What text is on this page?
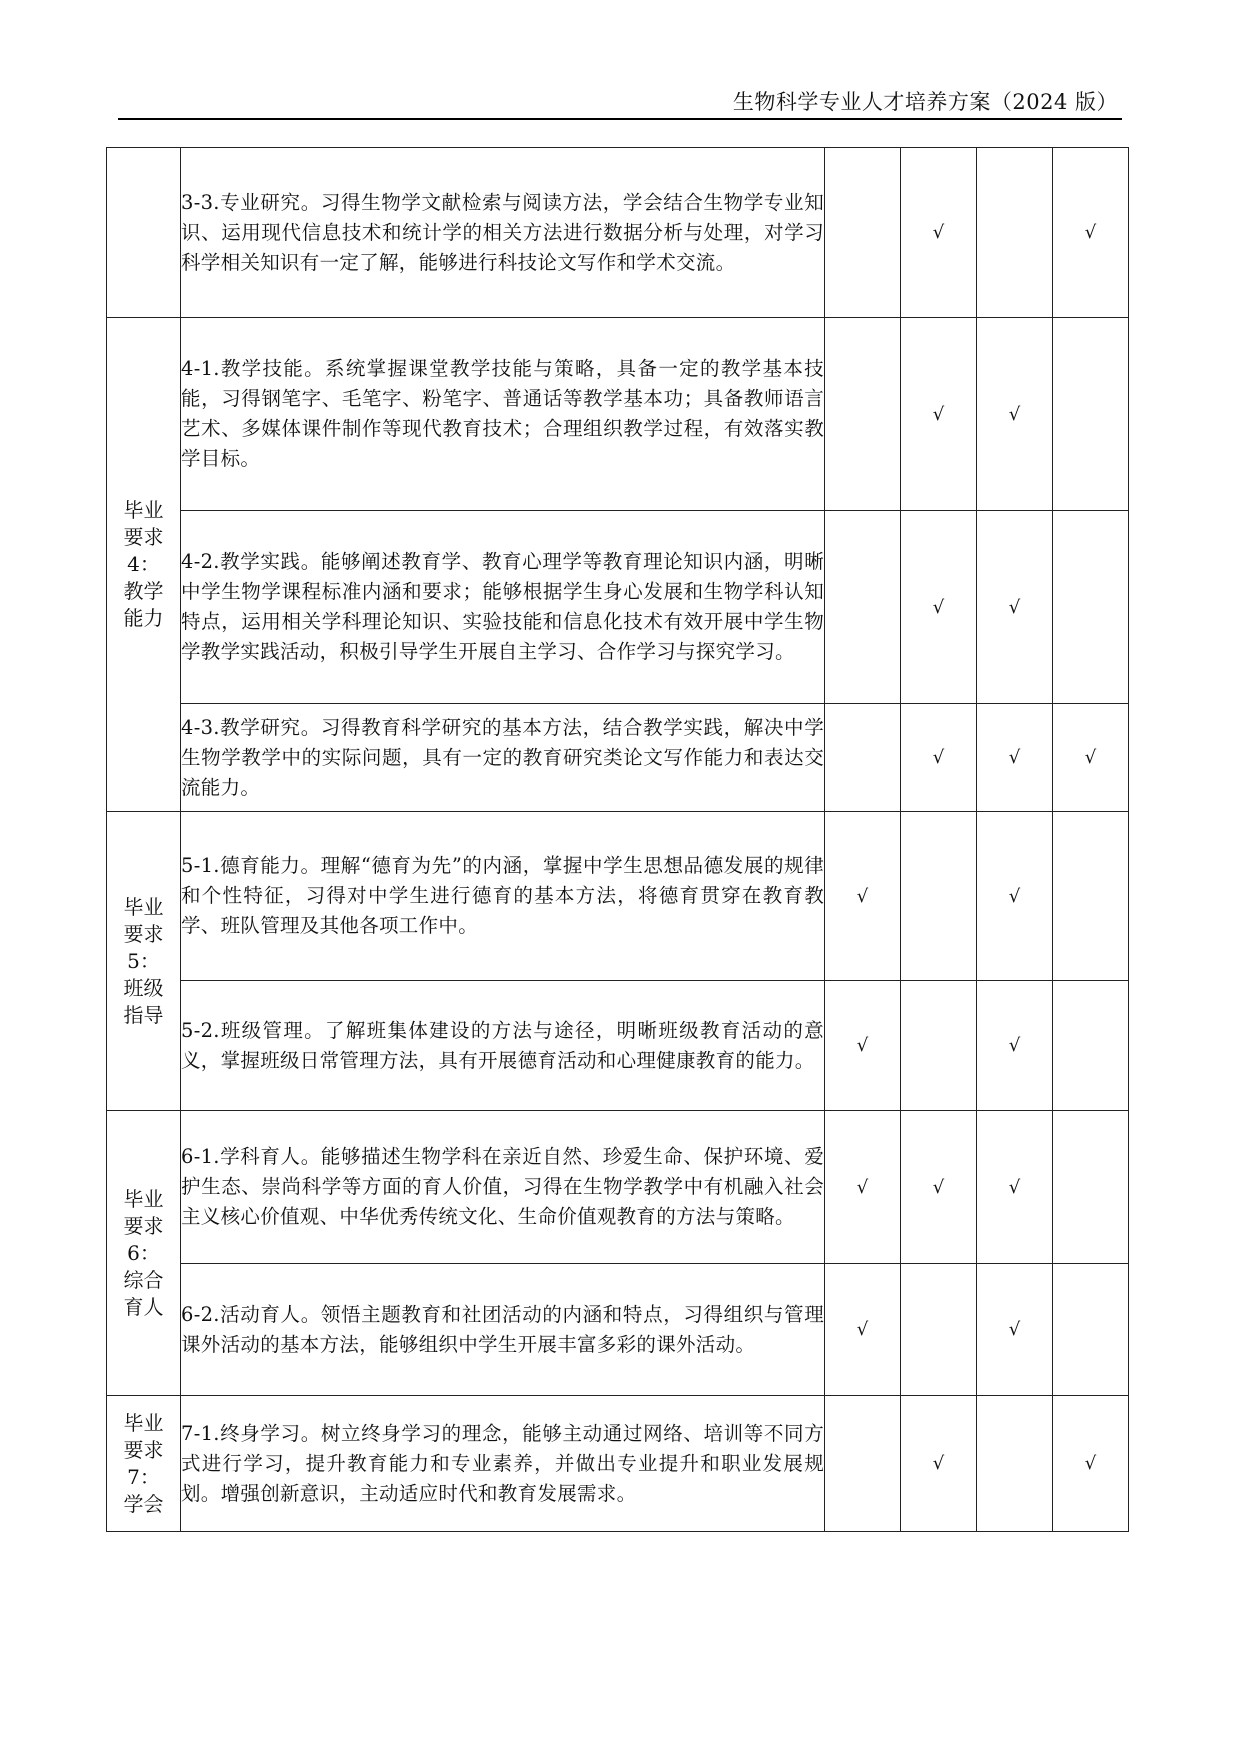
生物科学专业人才培养方案（2024 版）
	3-3.专业研究。习得生物学文献检索与阅读方法，学会结合生物学专业知识、运用现代信息技术和统计学的相关方法进行数据分析与处理，对学习科学相关知识有一定了解，能够进行科技论文写作和学术交流。		√		√

毕业
要求
4：
教学
能力	4-1.教学技能。系统掌握课堂教学技能与策略，具备一定的教学基本技能，习得钢笔字、毛笔字、粉笔字、普通话等教学基本功；具备教师语言艺术、多媒体课件制作等现代教育技术；合理组织教学过程，有效落实教学目标。		√	√	
	4-2.教学实践。能够阐述教育学、教育心理学等教育理论知识内涵，明晰中学生物学课程标准内涵和要求；能够根据学生身心发展和生物学科认知特点，运用相关学科理论知识、实验技能和信息化技术有效开展中学生物学教学实践活动，积极引导学生开展自主学习、合作学习与探究学习。		√	√	
	4-3.教学研究。习得教育科学研究的基本方法，结合教学实践，解决中学生物学教学中的实际问题，具有一定的教育研究类论文写作能力和表达交流能力。		√	√	√

毕业
要求
5：
班级
指导	5-1.德育能力。理解“德育为先”的内涵，掌握中学生思想品德发展的规律和个性特征，习得对中学生进行德育的基本方法，将德育贯穿在教育教学、班队管理及其他各项工作中。	√		√	
	5-2.班级管理。了解班集体建设的方法与途径，明晰班级教育活动的意义，掌握班级日常管理方法，具有开展德育活动和心理健康教育的能力。	√		√	

毕业
要求
6：
综合
育人	6-1.学科育人。能够描述生物学科在亲近自然、珍爱生命、保护环境、爱护生态、崇尚科学等方面的育人价值，习得在生物学教学中有机融入社会主义核心价值观、中华优秀传统文化、生命价值观教育的方法与策略。	√	√	√	
	6-2.活动育人。领悟主题教育和社团活动的内涵和特点，习得组织与管理课外活动的基本方法，能够组织中学生开展丰富多彩的课外活动。	√		√	

毕业
要求
7：
学会	7-1.终身学习。树立终身学习的理念，能够主动通过网络、培训等不同方式进行学习，提升教育能力和专业素养，并做出专业提升和职业发展规划。增强创新意识，主动适应时代和教育发展需求。		√		√
